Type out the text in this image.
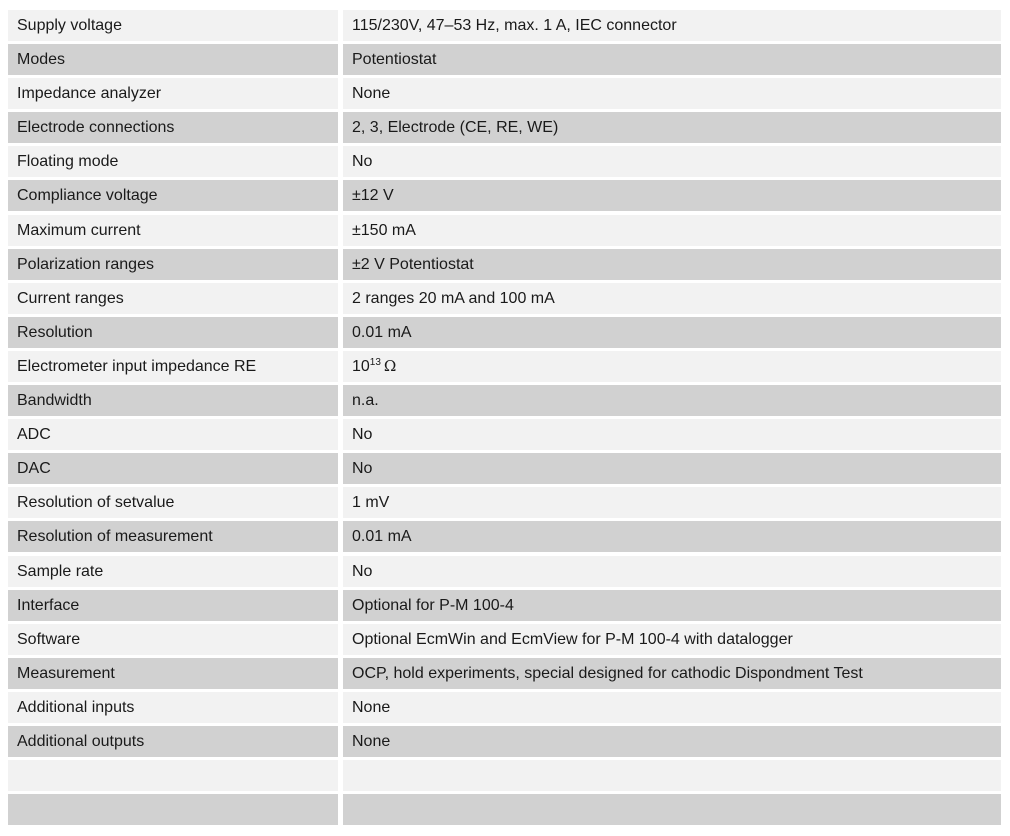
Supply voltage	115/230V, 47–53 Hz, max. 1 A, IEC connector
Modes	Potentiostat
Impedance analyzer	None
Electrode connections	2, 3, Electrode (CE, RE, WE)
Floating mode	No
Compliance voltage	±12 V
Maximum current	±150 mA
Polarization ranges	±2 V Potentiostat
Current ranges	2 ranges 20 mA and 100 mA
Resolution	0.01 mA
Electrometer input impedance RE	$10^{13}$ Ω
Bandwidth	n.a.
ADC	No
DAC	No
Resolution of setvalue	1 mV
Resolution of measurement	0.01 mA
Sample rate	No
Interface	Optional for P-M 100-4
Software	Optional EcmWin and EcmView for P-M 100-4 with datalogger
Measurement	OCP, hold experiments, special designed for cathodic Dispondment Test
Additional inputs	None
Additional outputs	None
